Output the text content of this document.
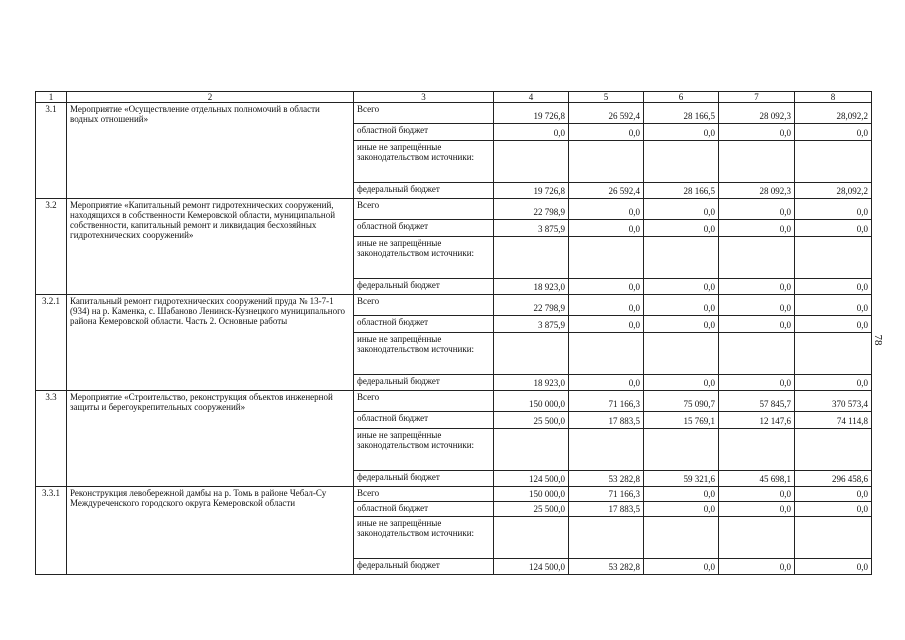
1	2	3	4	5	6	7	8
3.1	Мероприятие «Осуществление отдельных полномочий в области водных отношений»	Всего	19 726,8	26 592,4	28 166,5	28 092,3	28,092,2
		областной бюджет	0,0	0,0	0,0	0,0	0,0
		иные не запрещённые законодательством источники:					
		федеральный бюджет	19 726,8	26 592,4	28 166,5	28 092,3	28,092,2
3.2	Мероприятие «Капитальный ремонт гидротехнических сооружений, находящихся в собственности Кемеровской области, муниципальной собственности, капитальный ремонт и ликвидация бесхозяйных гидротехнических сооружений»	Всего	22 798,9	0,0	0,0	0,0	0,0
		областной бюджет	3 875,9	0,0	0,0	0,0	0,0
		иные не запрещённые законодательством источники:					
		федеральный бюджет	18 923,0	0,0	0,0	0,0	0,0
3.2.1	Капитальный ремонт гидротехнических сооружений пруда № 13-7-1 (934) на р. Каменка, с. Шабаново Ленинск-Кузнецкого муниципального района Кемеровской области. Часть 2. Основные работы	Всего	22 798,9	0,0	0,0	0,0	0,0
		областной бюджет	3 875,9	0,0	0,0	0,0	0,0
		иные не запрещённые законодательством источники:					
		федеральный бюджет	18 923,0	0,0	0,0	0,0	0,0
3.3	Мероприятие «Строительство, реконструкция объектов инженерной защиты и берегоукрепительных сооружений»	Всего	150 000,0	71 166,3	75 090,7	57 845,7	370 573,4
		областной бюджет	25 500,0	17 883,5	15 769,1	12 147,6	74 114,8
		иные не запрещённые законодательством источники:					
		федеральный бюджет	124 500,0	53 282,8	59 321,6	45 698,1	296 458,6
3.3.1	Реконструкция левобережной дамбы на р. Томь в районе Чебал-Су Междуреченского городского округа Кемеровской области	Всего	150 000,0	71 166,3	0,0	0,0	0,0
		областной бюджет	25 500,0	17 883,5	0,0	0,0	0,0
		иные не запрещённые законодательством источники:					
		федеральный бюджет	124 500,0	53 282,8	0,0	0,0	0,0
78
